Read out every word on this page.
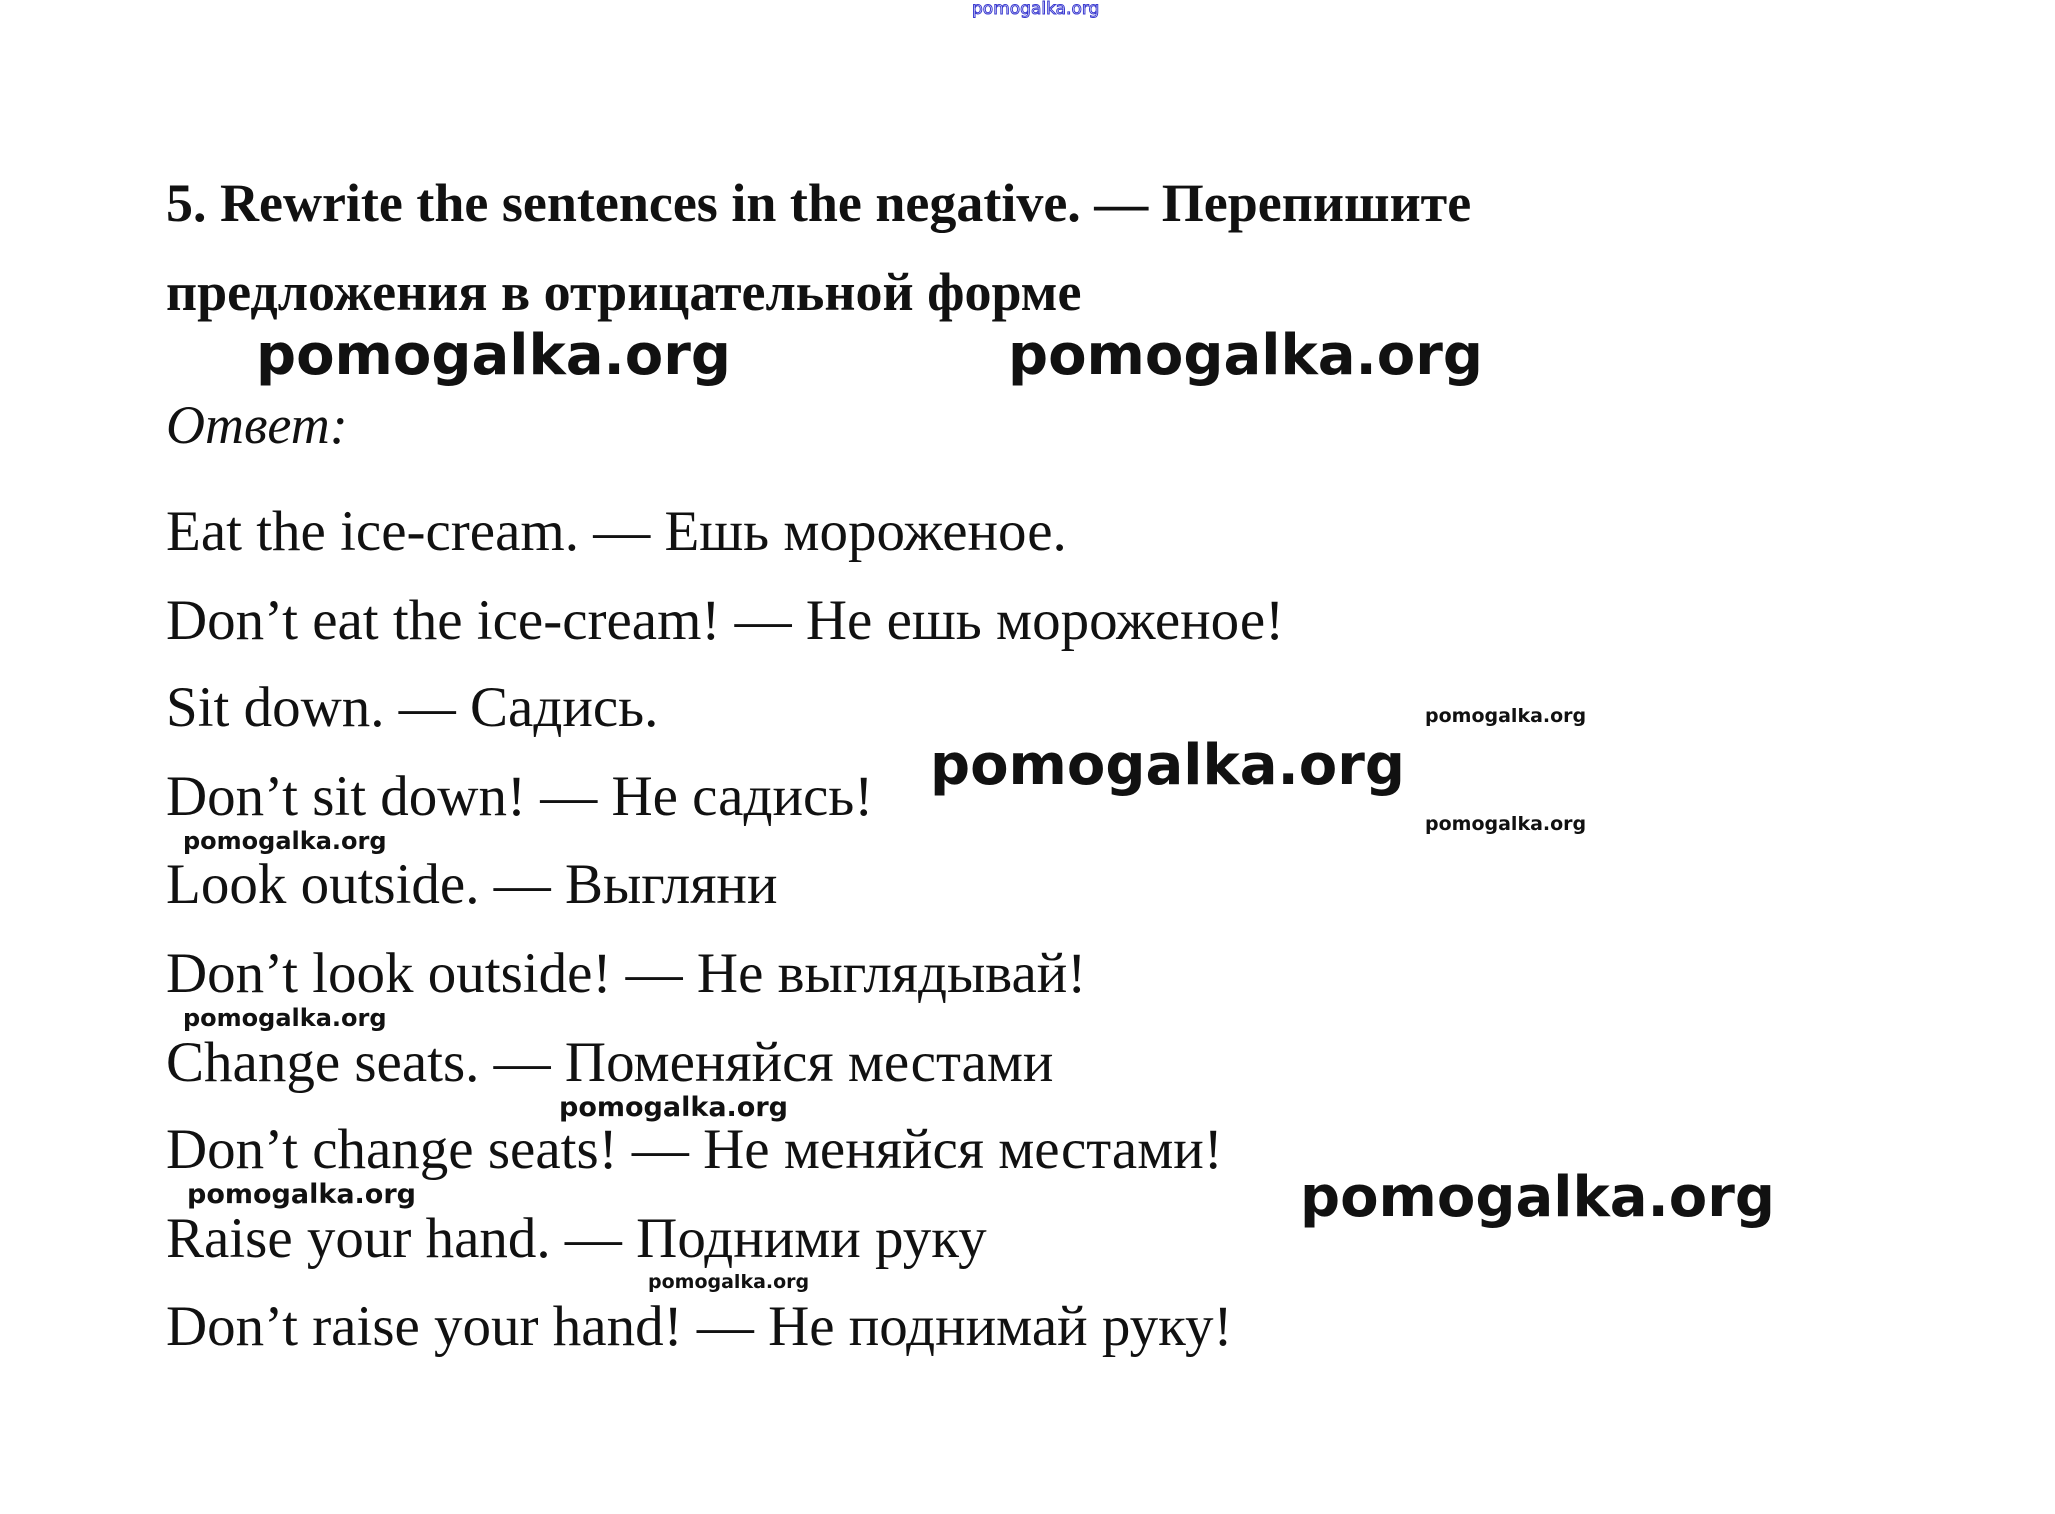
pomogalka.org
5. Rewrite the sentences in the negative. — Перепишите
предложения в отрицательной форме
Ответ:
Eat the ice-cream. — Ешь мороженое.
Don’t eat the ice-cream! — Не ешь мороженое!
Sit down. — Садись.
Don’t sit down! — Не садись!
Look outside. — Выгляни
Don’t look outside! — Не выглядывай!
Change seats. — Поменяйся местами
Don’t change seats! — Не меняйся местами!
Raise your hand. — Подними руку
Don’t raise your hand! — Не поднимай руку!
pomogalka.org	pomogalka.org
pomogalka.org
pomogalka.org
pomogalka.org
pomogalka.org
pomogalka.org
pomogalka.org
pomogalka.org
pomogalka.org
pomogalka.org
